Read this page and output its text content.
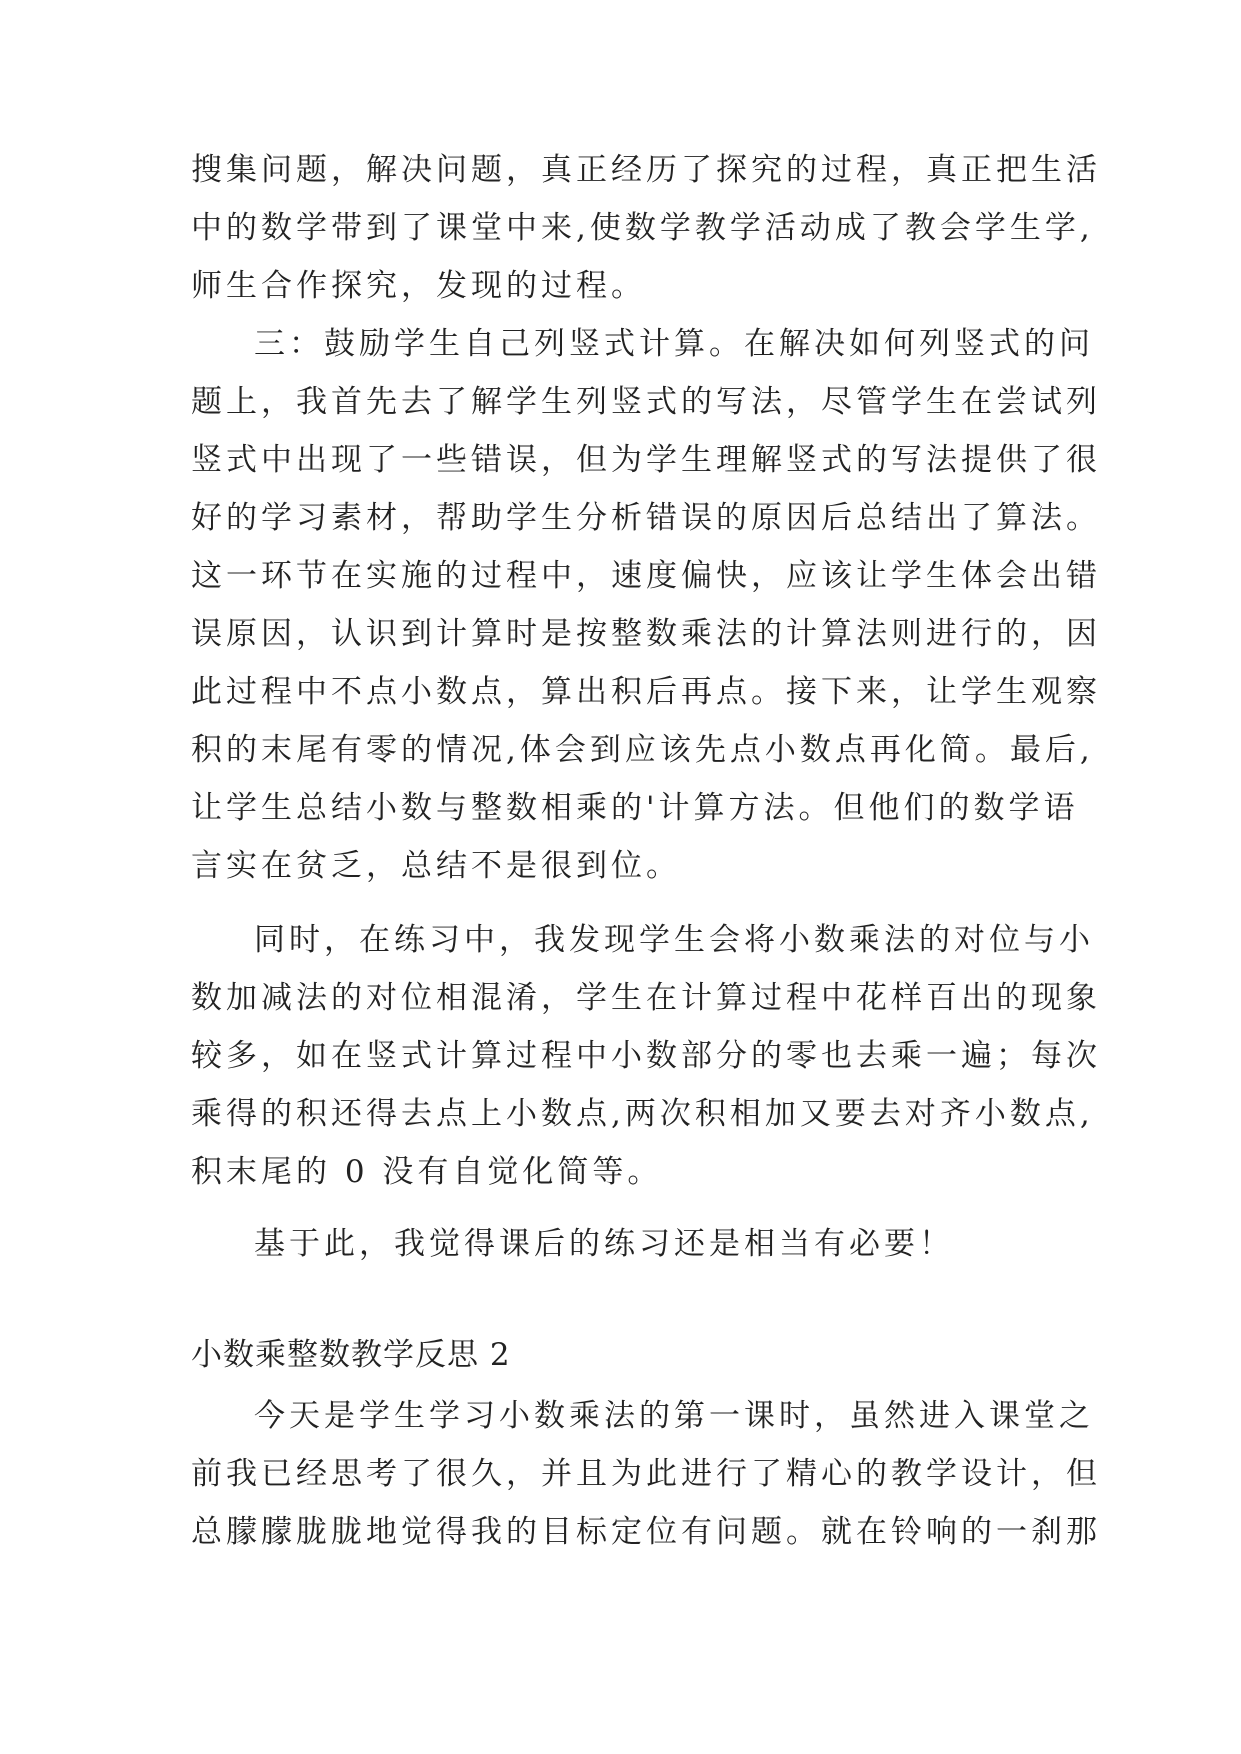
搜集问题，解决问题，真正经历了探究的过程，真正把生活
中的数学带到了课堂中来,使数学教学活动成了教会学生学,
师生合作探究，发现的过程。
三：鼓励学生自己列竖式计算。在解决如何列竖式的问
题上，我首先去了解学生列竖式的写法，尽管学生在尝试列
竖式中出现了一些错误，但为学生理解竖式的写法提供了很
好的学习素材，帮助学生分析错误的原因后总结出了算法。
这一环节在实施的过程中，速度偏快，应该让学生体会出错
误原因，认识到计算时是按整数乘法的计算法则进行的，因
此过程中不点小数点，算出积后再点。接下来，让学生观察
积的末尾有零的情况,体会到应该先点小数点再化简。最后,
让学生总结小数与整数相乘的'计算方法。但他们的数学语
言实在贫乏，总结不是很到位。
同时，在练习中，我发现学生会将小数乘法的对位与小
数加减法的对位相混淆，学生在计算过程中花样百出的现象
较多，如在竖式计算过程中小数部分的零也去乘一遍；每次
乘得的积还得去点上小数点,两次积相加又要去对齐小数点,
积末尾的 0 没有自觉化简等。
基于此，我觉得课后的练习还是相当有必要！
小数乘整数教学反思 2
今天是学生学习小数乘法的第一课时，虽然进入课堂之
前我已经思考了很久，并且为此进行了精心的教学设计，但
总朦朦胧胧地觉得我的目标定位有问题。就在铃响的一刹那
